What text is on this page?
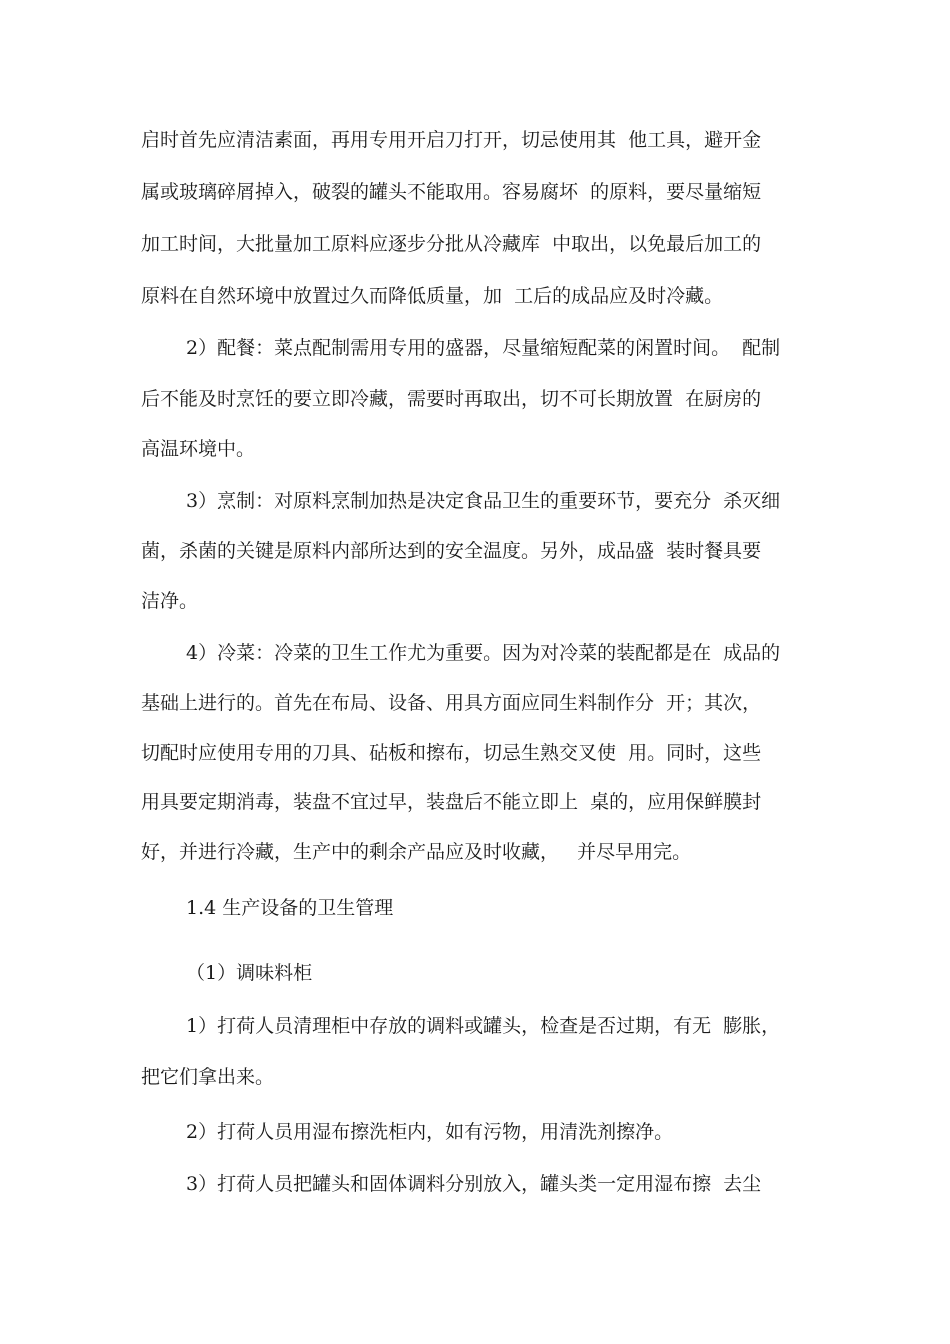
启时首先应清洁素面，再用专用开启刀打开，切忌使用其  他工具，避开金
属或玻璃碎屑掉入，破裂的罐头不能取用。容易腐坏  的原料，要尽量缩短
加工时间，大批量加工原料应逐步分批从冷藏库  中取出，以免最后加工的
原料在自然环境中放置过久而降低质量，加  工后的成品应及时冷藏。
2）配餐：菜点配制需用专用的盛器，尽量缩短配菜的闲置时间。  配制
后不能及时烹饪的要立即冷藏，需要时再取出，切不可长期放置  在厨房的
高温环境中。
3）烹制：对原料烹制加热是决定食品卫生的重要环节，要充分  杀灭细
菌，杀菌的关键是原料内部所达到的安全温度。另外，成品盛  装时餐具要
洁净。
4）冷菜：冷菜的卫生工作尤为重要。因为对冷菜的装配都是在  成品的
基础上进行的。首先在布局、设备、用具方面应同生料制作分  开；其次，
切配时应使用专用的刀具、砧板和擦布，切忌生熟交叉使  用。同时，这些
用具要定期消毒，装盘不宜过早，装盘后不能立即上  桌的，应用保鲜膜封
好，并进行冷藏，生产中的剩余产品应及时收藏，   并尽早用完。
1.4 生产设备的卫生管理
（1）调味料柜
1）打荷人员清理柜中存放的调料或罐头，检查是否过期，有无  膨胀，
把它们拿出来。
2）打荷人员用湿布擦洗柜内，如有污物，用清洗剂擦净。
3）打荷人员把罐头和固体调料分别放入，罐头类一定用湿布擦  去尘
